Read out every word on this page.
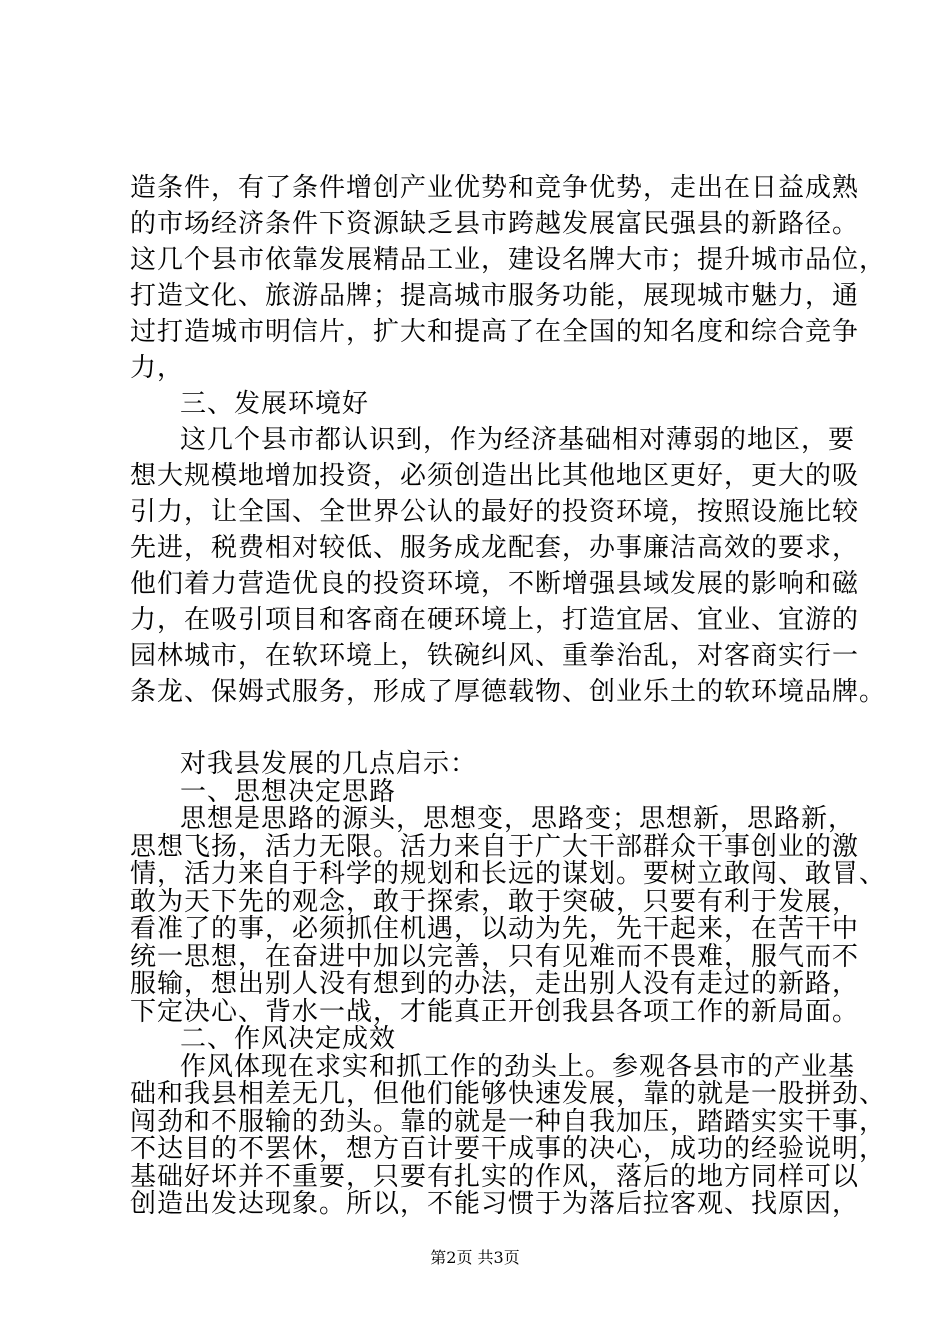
造条件，有了条件增创产业优势和竞争优势，走出在日益成熟
的市场经济条件下资源缺乏县市跨越发展富民强县的新路径。
这几个县市依靠发展精品工业，建设名牌大市；提升城市品位，
打造文化、旅游品牌；提高城市服务功能，展现城市魅力，通
过打造城市明信片，扩大和提高了在全国的知名度和综合竞争
力，
三、发展环境好
这几个县市都认识到，作为经济基础相对薄弱的地区，要
想大规模地增加投资，必须创造出比其他地区更好，更大的吸
引力，让全国、全世界公认的最好的投资环境，按照设施比较
先进，税费相对较低、服务成龙配套，办事廉洁高效的要求，
他们着力营造优良的投资环境，不断增强县域发展的影响和磁
力，在吸引项目和客商在硬环境上，打造宜居、宜业、宜游的
园林城市，在软环境上，铁碗纠风、重拳治乱，对客商实行一
条龙、保姆式服务，形成了厚德载物、创业乐土的软环境品牌。
对我县发展的几点启示：
一、思想决定思路
思想是思路的源头，思想变，思路变；思想新，思路新，
思想飞扬，活力无限。活力来自于广大干部群众干事创业的激
情，活力来自于科学的规划和长远的谋划。要树立敢闯、敢冒、
敢为天下先的观念，敢于探索，敢于突破，只要有利于发展，
看准了的事，必须抓住机遇，以动为先，先干起来，在苦干中
统一思想，在奋进中加以完善，只有见难而不畏难，服气而不
服输，想出别人没有想到的办法，走出别人没有走过的新路，
下定决心、背水一战，才能真正开创我县各项工作的新局面。
二、作风决定成效
作风体现在求实和抓工作的劲头上。参观各县市的产业基
础和我县相差无几，但他们能够快速发展，靠的就是一股拼劲、
闯劲和不服输的劲头。靠的就是一种自我加压，踏踏实实干事，
不达目的不罢休，想方百计要干成事的决心，成功的经验说明，
基础好坏并不重要，只要有扎实的作风，落后的地方同样可以
创造出发达现象。所以，不能习惯于为落后拉客观、找原因，
第2页 共3页
